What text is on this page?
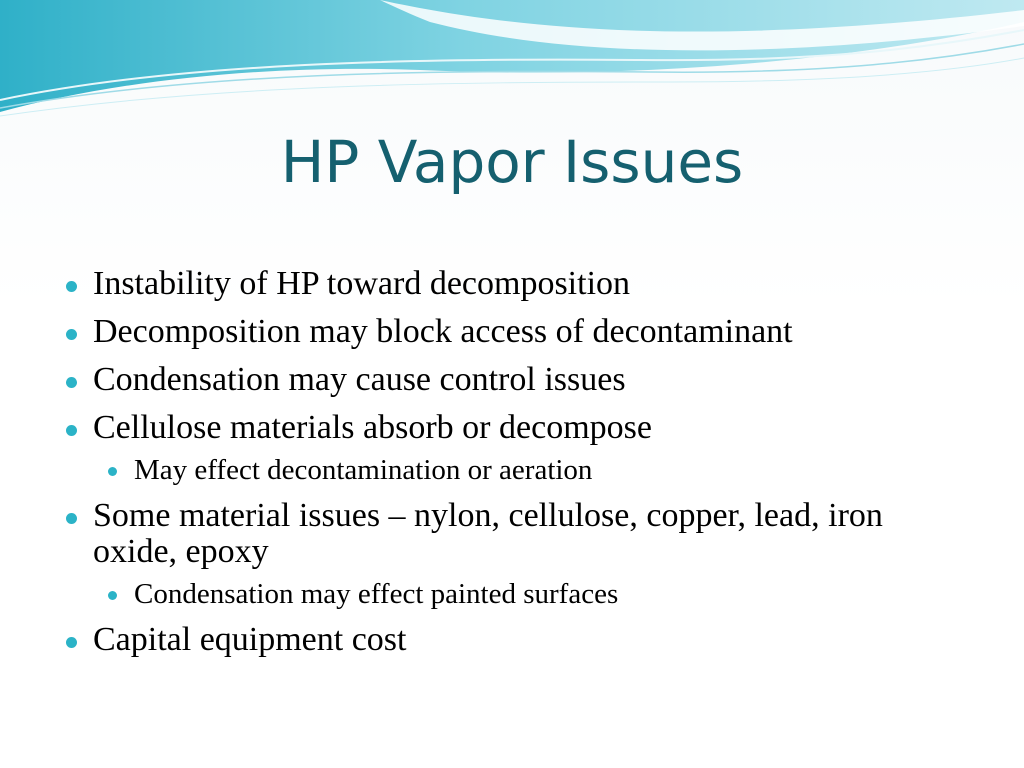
HP Vapor Issues
Instability of HP toward decomposition
Decomposition may block access of decontaminant
Condensation may cause control issues
Cellulose materials absorb or decompose
May effect decontamination or aeration
Some material issues – nylon, cellulose, copper, lead, iron oxide, epoxy
Condensation may effect painted surfaces
Capital equipment cost
